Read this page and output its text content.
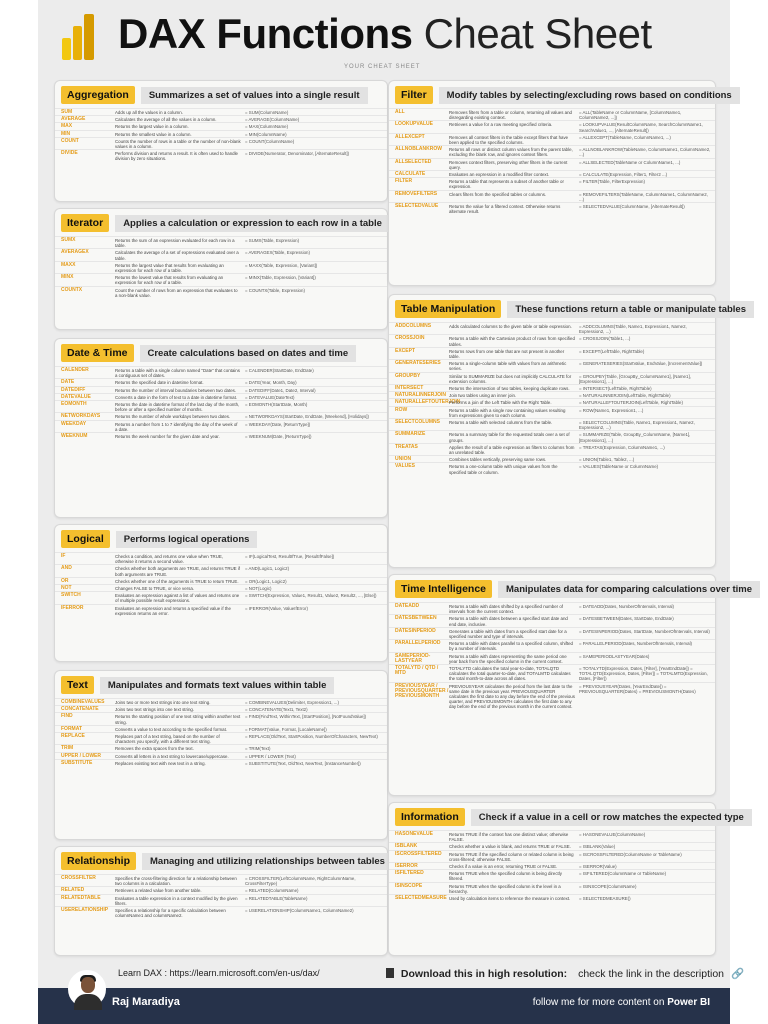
DAX Functions Cheat Sheet
YOUR CHEAT SHEET
Aggregation	Summarizes a set of values into a single result
SUM	Adds up all the values in a column.	= SUM(ColumnName)
AVERAGE	Calculates the average of all the values in a column.	= AVERAGE(ColumnName)
MAX	Returns the largest value in a column.	= MAX(ColumnName)
MIN	Returns the smallest value in a column.	= MIN(ColumnName)
COUNT	Counts the number of rows in a table or the number of non-blank values in a column.
= COUNT(ColumnName)
DIVIDE	Performs division and returns a result. It is often used to handle division by zero situations.
= DIVIDE(Numerator, Denominator, [AlternateResult])
Iterator	Applies a calculation or expression to each row in a table
SUMX	Returns the sum of an expression evaluated for each row in a table.
= SUMX(Table, Expression)
AVERAGEX	Calculates the average of a set of expressions evaluated over a table.
= AVERAGEX(Table, Expression)
MAXX	Returns the largest value that results from evaluating an expression for each row of a table.
= MAXX(Table, Expression, [Variant])
MINX	Returns the lowest value that results from evaluating an expression for each row of a table.
= MINX(Table, Expression, [Variant])
COUNTX	Count the number of rows from an expression that evaluates to a non-blank value.
= COUNTX(Table, Expression)
Date & Time	Create calculations based on dates and time
CALENDER	Returns a table with a single column named "Date" that contains a contiguous set of dates.
= CALENDER(StartDate, EndDate)
DATE	Returns the specified date in datetime format.	= DATE(Year, Month, Day)
DATEDIFF	Returns the number of interval boundaries between two dates.	= DATEDIFF(Date1, Date2, Interval)
DATEVALUE	Converts a date in the form of text to a date in datetime format.	= DATEVALUE(DateText)
EOMONTH	Returns the date in datetime format of the last day of the month, before or after a specified number of months.
= EOMONTH(StartDate, Month)
NETWORKDAYS	Returns the number of whole workdays between two dates.	= NETWORKDAYS(StartDate, EndDate, [Weekend], [Holidays])
WEEKDAY	Returns a number from 1 to 7 identifying the day of the week of a date.
= WEEKDAY(Date, [ReturnType])
WEEKNUM	Returns the week number for the given date and year.	= WEEKNUM(Date, [ReturnType])
Logical	Performs logical operations
IF	Checks a condition, and returns one value when TRUE, otherwise it returns a second value.
= IF(LogicalTest, ResultIfTrue, [ResultIfFalse])
AND	Checks whether both arguments are TRUE, and returns TRUE if both arguments are TRUE.
= AND(Logic1, Logic2)
OR	Checks whether one of the arguments is TRUE to return TRUE.	= OR(Logic1, Logic2)
NOT	Changes FALSE to TRUE, or vice versa.	= NOT(Logic)
SWITCH	Evaluates an expression against a list of values and returns one of multiple possible result expressions.
= SWITCH(Expression, Value1, Result1, Value2, Result2, ..., [Else])
IFERROR	Evaluates an expression and returns a specified value if the expression returns an error.
= IFERROR(Value, ValueIfError)
Text	Manipulates and formats text values within table
COMBINEVALUES	Joins two or more text strings into one text string.	= COMBINEVALUES(Delimiter, Expression1, ...)
CONCATENATE	Joins two text strings into one text string.	= CONCATENATE(Text1, Text2)
FIND	Returns the starting position of one text string within another text string.
= FIND(FindText, WithinText, [StartPosition], [NotFoundValue])
FORMAT	Converts a value to text according to the specified format.	= FORMAT(Value, Format, [LocaleName])
REPLACE	Replaces part of a text string, based on the number of characters you specify, with a different text string.
= REPLACE(OldText, StartPosition, NumberOfCharacters, NewText)
TRIM	Removes the extra spaces from the text.	= TRIM(Text)
UPPER / LOWER	Converts all letters in a text string to lowercase/uppercase.	= UPPER / LOWER (Text)
SUBSTITUTE	Replaces existing text with new text in a string.	= SUBSTITUTE(Text, OldText, NewText, [InstanceNumber])
Relationship	Managing and utilizing relationships between tables
CROSSFILTER	Specifies the cross-filtering direction for a relationship between two columns in a calculation.
= CROSSFILTER(LeftColumnName, RightColumnName, CrossFilterType)
RELATED	Retrieves a related value from another table.	= RELATED(ColumnName)
RELATEDTABLE	Evaluates a table expression in a context modified by the given filters.
= RELATEDTABLE(TableName)
USERELATIONSHIP	Specifies a relationship for a specific calculation between columnName1 and columnName2.
= USERELATIONSHIP(ColumnName1, ColumnName2)
Filter	Modify tables by selecting/excluding rows based on conditions
ALL	Removes filters from a table or column, returning all values and disregarding existing context.
= ALL(TableName or ColumnName, [ColumnName1, ColumnName2, ...])
LOOKUPVALUE	Retrieves a value for a row meeting specified criteria.	= LOOKUPVALUE(ResultColumnName, SearchColumnName1, SearchValue1, ..., [AlternateResult])
ALLEXCEPT	Removes all context filters in the table except filters that have been applied to the specified columns.
= ALLEXCEPT(TableName, ColumnName1, ...)
ALLNOBLANKROW	Returns all rows or distinct column values from the parent table, excluding the blank row, and ignores context filters.
= ALLNOBLANKROW(TableName, ColumnName1, ColumnName2, ...)
ALLSELECTED	Removes context filters, preserving other filters in the current query.
= ALLSELECTED(TableName or ColumnName1, ...)
CALCULATE	Evaluates an expression in a modified filter context.	= CALCULATE(Expression, Filter1, Filter2 ...)
FILTER	Returns a table that represents a subset of another table or expression.
= FILTER(Table, FilterExpression)
REMOVEFILTERS	Clears filters from the specified tables or columns.	= REMOVEFILTERS(TableName, ColumnName1, ColumnName2, ...)
SELECTEDVALUE	Returns the value for a filtered context. Otherwise returns alternate result.
= SELECTEDVALUE(ColumnName, [AlternateResult])
Table Manipulation	These functions return a table or manipulate tables
ADDCOLUMNS	Adds calculated columns to the given table or table expression.	= ADDCOLUMNS(Table, Name1, Expression1, Name2, Expression2, ...)
CROSSJOIN	Returns a table with the Cartesian product of rows from specified tables.
= CROSSJOIN(Table1, ...)
EXCEPT	Returns rows from one table that are not present in another table.
= EXCEPT(LeftTable, RightTable)
GENERATESERIES	Returns a single-column table with values from an arithmetic series.
= GENERATESERIES(StartValue, EndValue, [IncrementValue])
GROUPBY	Similar to SUMMARIZE but does not implicitly CALCULATE for extension columns.
= GROUPBY(Table, [GroupBy_ColumnName1], [Name1], [Expression1], ...)
INTERSECT	Returns the intersection of two tables, keeping duplicate rows.	= INTERSECT(LeftTable, RightTable)
NATURALINNERJOIN Join two tables using an inner join.	= NATURALINNERJOIN(LeftTable, RightTable)
NATURALLEFTOUTERJOIN
Performs a join of the Left Table with the Right Table.	= NATURALLEFTOUTERJOIN(LeftTable, RightTable)
ROW	Returns a table with a single row containing values resulting from expressions given to each column.
= ROW(Name1, Expression1, ...)
SELECTCOLUMNS	Returns a table with selected columns from the table.	= SELECTCOLUMNS(Table, Name1, Expression1, Name2, Expression2, ...)
SUMMARIZE	Returns a summary table for the requested totals over a set of groups.
= SUMMARIZE(Table, GroupBy_ColumnName, [Name1], [Expression1], ...)
TREATAS	Applies the result of a table expression as filters to columns from an unrelated table.
= TREATAS(Expression, ColumnName1, ...)
UNION	Combines tables vertically, preserving same rows.	= UNION(Table1, Table2, ...)
VALUES	Returns a one-column table with unique values from the specified table or column.
= VALUES(TableName or ColumnName)
Time Intelligence	Manipulates data for comparing calculations over time
DATEADD	Returns a table with dates shifted by a specified number of intervals from the current context.
= DATEADD(Dates, NumberOfIntervals, Interval)
DATESBETWEEN	Returns a table with dates between a specified start date and end date, inclusive.
= DATESBETWEEN(Dates, StartDate, EndDate)
DATESINPERIOD	Generates a table with dates from a specified start date for a specified number and type of intervals.
= DATESINPERIOD(Dates, StartDate, NumberOfIntervals, Interval)
PARALLELPERIOD	Returns a table with dates parallel to a specified column, shifted by a number of intervals.
= PARALLELPERIOD(Dates, NumberOfIntervals, Interval)
SAMEPERIOD-LASTYEAR
Returns a table with dates representing the same period one year back from the specified column in the current context.
= SAMEPERIODLASTYEAR(Dates)
TOTALYTD / QTD / MTD
TOTALYTD calculates the total year-to-date, TOTALQTD calculates the total quarter-to-date, and TOTALMTD calculates the total month-to-date across all dates.
= TOTALYTD(Expression, Dates, [Filter], [YearEndDate]) = TOTALQTD(Expression, Dates, [Filter]) = TOTALMTD(Expression, Dates, [Filter])
PREVIOUSYEAR / PREVIOUSQUARTER / PREVIOUSMONTH
PREVIOUSYEAR calculates the period from the last date to the same date in the previous year. PREVIOUSQUARTER calculates the first date to any day before the end of the previous quarter, and PREVIOUSMONTH calculates the first date to any day before the end of the previous month in the current context.
= PREVIOUSYEAR(Dates, [YearEndDate]) = PREVIOUSQUARTER(Dates) = PREVIOUSMONTH(Dates)
Information	Check if a value in a cell or row matches the expected type
HASONEVALUE	Returns TRUE if the context has one distinct value; otherwise FALSE.
= HASONEVALUE(ColumnName)
ISBLANK	Checks whether a value is blank, and returns TRUE or FALSE.	= ISBLANK(Value)
ISCROSSFILTERED	Returns TRUE if the specified column or related column is being cross-filtered; otherwise FALSE.
= ISCROSSFILTERED(ColumnName or TableName)
ISERROR	Checks if a value is an error, returning TRUE or FALSE.	= ISERROR(Value)
ISFILTERED	Returns TRUE when the specified column is being directly filtered.
= ISFILTERED(ColumnName or TableName)
ISINSCOPE	Returns TRUE when the specified column is the level in a hierarchy.
= ISINSCOPE(ColumnName)
SELECTEDMEASURE Used by calculation items to reference the measure in context.	= SELECTEDMEASURE()
Learn DAX : https://learn.microsoft.com/en-us/dax/	Download this in high resolution: check the link in the description 🔗
Raj Maradiya	follow me for more content on Power BI
